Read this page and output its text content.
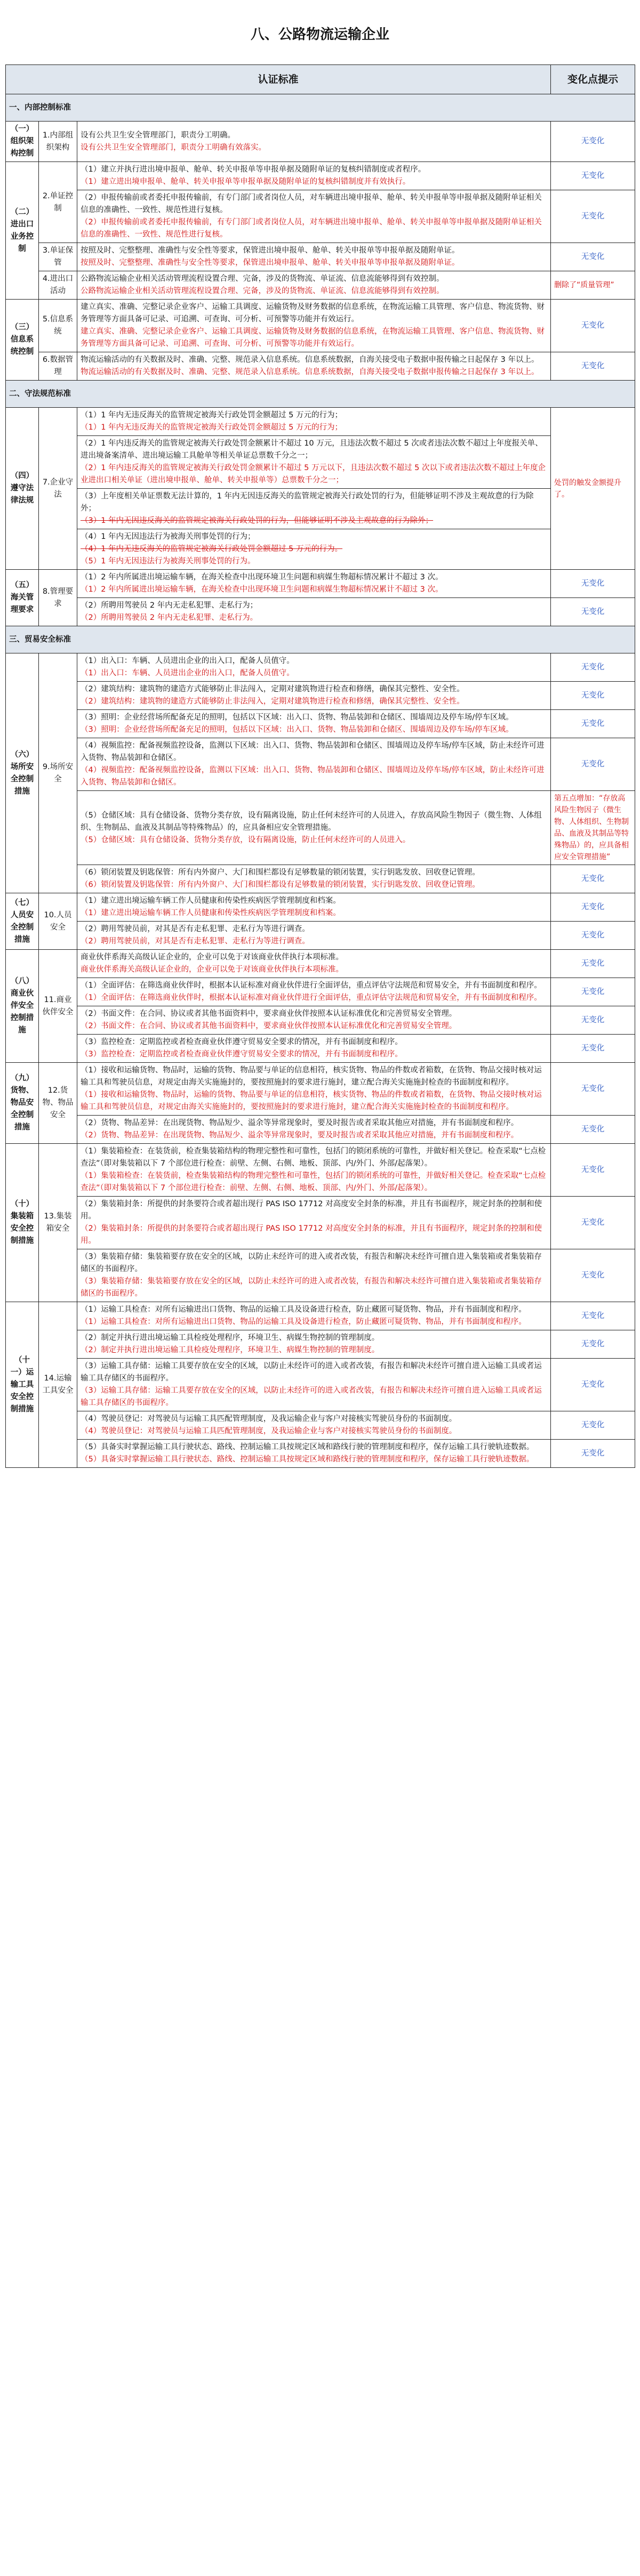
八、公路物流运输企业
认证标准			变化点提示
一、内部控制标准			
（一）组织架构控制	1.内部组织架构	设有公共卫生安全管理部门，职责分工明确。
设有公共卫生安全管理部门，职责分工明确有效落实。	无变化
（二）进出口业务控制	2.单证控制	（1）建立并执行进出境申报单、舱单、转关申报单等申报单据及随附单证的复核纠错制度或者程序。
（1）建立进出境申报单、舱单、转关申报单等申报单据及随附单证的复核纠错制度并有效执行。	无变化

		（2）申报传输前或者委托申报传输前，有专门部门或者岗位人员，对车辆进出境申报单、舱单、转关申报单等申报单据及随附单证相关信息的准确性、一致性、规范性进行复核。
（2）申报传输前或者委托申报传输前，有专门部门或者岗位人员，对车辆进出境申报单、舱单、转关申报单等申报单据及随附单证相关信息的准确性、一致性、规范性进行复核。	无变化
	3.单证保管	按照及时、完整整理、准确性与安全性等要求，保管进出境申报单、舱单、转关申报单等申报单据及随附单证。
按照及时、完整整理、准确性与安全性等要求，保管进出境申报单、舱单、转关申报单等申报单据及随附单证。	无变化
	4.进出口活动	公路物流运输企业相关活动管理流程设置合理、完备，涉及的货物流、单证流、信息流能够得到有效控制。
公路物流运输企业相关活动管理流程设置合理、完备，涉及的货物流、单证流、信息流能够得到有效控制。	删除了“质量管理”
（三）信息系统控制	5.信息系统	建立真实、准确、完整记录企业客户、运输工具调度、运输货物及财务数据的信息系统，在物流运输工具管理、客户信息、物流货物、财务管理等方面具备可记录、可追溯、可查询、可分析、可预警等功能并有效运行。
建立真实、准确、完整记录企业客户、运输工具调度、运输货物及财务数据的信息系统，在物流运输工具管理、客户信息、物流货物、财务管理等方面具备可记录、可追溯、可查询、可分析、可预警等功能并有效运行。	无变化
	6.数据管理	物流运输活动的有关数据及时、准确、完整、规范录入信息系统。信息系统数据，自海关接受电子数据申报传输之日起保存 3 年以上。
物流运输活动的有关数据及时、准确、完整、规范录入信息系统。信息系统数据，自海关接受电子数据申报传输之日起保存 3 年以上。	无变化
二、守法规范标准			
（四）遵守法律法规	7.企业守法	（1）1 年内无违反海关的监管规定被海关行政处罚金额超过 5 万元的行为；
（1）1 年内无违反海关的监管规定被海关行政处罚金额超过 5 万元的行为；	处罚的触发金额提升了。

		（2）1 年内违反海关的监管规定被海关行政处罚金额累计不超过 10 万元，且违法次数不超过 5 次或者违法次数不超过上年度报关单、进出境备案清单、进出境运输工具舱单等相关单证总票数千分之一；
（2）1 年内违反海关的监管规定被海关行政处罚金额累计不超过 5 万元以下，且违法次数不超过 5 次以下或者违法次数不超过上年度企业进出口相关单证（进出境申报单、舱单、转关申报单等）总票数千分之一；	

		（3）上年度相关单证票数无法计算的，1 年内无因违反海关的监管规定被海关行政处罚的行为，但能够证明不涉及主观故意的行为除外；
（3）1 年内无因违反海关的监管规定被海关行政处罚的行为，但能够证明不涉及主观故意的行为除外；	

		（4）1 年内无因违法行为被海关刑事处罚的行为；
（4）1 年内无违反海关的监管规定被海关行政处罚金额超过 5 万元的行为。
（5）1 年内无因违法行为被海关刑事处罚的行为。	

（五）海关管理要求	8.管理要求	（1）2 年内所属进出境运输车辆，在海关检查中出现环境卫生问题和病媒生物超标情况累计不超过 3 次。
（1）2 年内所属进出境运输车辆，在海关检查中出现环境卫生问题和病媒生物超标情况累计不超过 3 次。	无变化

		（2）所聘用驾驶员 2 年内无走私犯罪、走私行为；
（2）所聘用驾驶员 2 年内无走私犯罪、走私行为。	无变化
三、贸易安全标准			
（六）场所安全控制措施	9.场所安全	（1）出入口：车辆、人员进出企业的出入口，配备人员值守。
（1）出入口：车辆、人员进出企业的出入口，配备人员值守。	无变化

		（2）建筑结构：建筑物的建造方式能够防止非法闯入，定期对建筑物进行检查和修缮，确保其完整性、安全性。
（2）建筑结构：建筑物的建造方式能够防止非法闯入，定期对建筑物进行检查和修缮，确保其完整性、安全性。	无变化

		（3）照明：企业经营场所配备充足的照明，包括以下区域：出入口、货物、物品装卸和仓储区、围墙周边及停车场/停车区域。
（3）照明：企业经营场所配备充足的照明，包括以下区域：出入口、货物、物品装卸和仓储区、围墙周边及停车场/停车区域。	无变化

		（4）视频监控：配备视频监控设备，监测以下区域：出入口、货物、物品装卸和仓储区、围墙周边及停车场/停车区域，防止未经许可进入货物、物品装卸和仓储区。
（4）视频监控：配备视频监控设备，监测以下区域：出入口、货物、物品装卸和仓储区、围墙周边及停车场/停车区域，防止未经许可进入货物、物品装卸和仓储区。	无变化

		（5）仓储区域：具有仓储设备、货物分类存放，设有隔离设施，防止任何未经许可的人员进入，存放高风险生物因子（微生物、人体组织、生物制品、血液及其制品等特殊物品）的，应具备相应安全管理措施。
（5）仓储区域：具有仓储设备、货物分类存放，设有隔离设施，防止任何未经许可的人员进入。	第五点增加：“存放高风险生物因子（微生物、人体组织、生物制品、血液及其制品等特殊物品）的，应具备相应安全管理措施”

		（6）锁闭装置及钥匙保管：所有内外窗户、大门和围栏都设有足够数量的锁闭装置，实行钥匙发放、回收登记管理。
（6）锁闭装置及钥匙保管：所有内外窗户、大门和围栏都设有足够数量的锁闭装置，实行钥匙发放、回收登记管理。	无变化
（七）人员安全控制措施	10.人员安全	（1）建立进出境运输车辆工作人员健康和传染性疾病医学管理制度和档案。
（1）建立进出境运输车辆工作人员健康和传染性疾病医学管理制度和档案。	无变化

		（2）聘用驾驶员前，对其是否有走私犯罪、走私行为等进行调查。
（2）聘用驾驶员前，对其是否有走私犯罪、走私行为等进行调查。	无变化
（八）商业伙伴安全控制措施	11.商业伙伴安全	商业伙伴系海关高级认证企业的，企业可以免于对该商业伙伴执行本项标准。
商业伙伴系海关高级认证企业的，企业可以免于对该商业伙伴执行本项标准。	无变化

		（1）全面评估：在筛选商业伙伴时，根据本认证标准对商业伙伴进行全面评估，重点评估守法规范和贸易安全，并有书面制度和程序。
（1）全面评估：在筛选商业伙伴时，根据本认证标准对商业伙伴进行全面评估，重点评估守法规范和贸易安全，并有书面制度和程序。	无变化

		（2）书面文件：在合同、协议或者其他书面资料中，要求商业伙伴按照本认证标准优化和完善贸易安全管理。
（2）书面文件：在合同、协议或者其他书面资料中，要求商业伙伴按照本认证标准优化和完善贸易安全管理。	无变化

		（3）监控检查：定期监控或者检查商业伙伴遵守贸易安全要求的情况，并有书面制度和程序。
（3）监控检查：定期监控或者检查商业伙伴遵守贸易安全要求的情况，并有书面制度和程序。	无变化
（九）货物、物品安全控制措施	12.货物、物品安全	（1）接收和运输货物、物品时，运输的货物、物品要与单证的信息相符，核实货物、物品的件数或者箱数，在货物、物品交接时核对运输工具和驾驶员信息，对规定由海关实施施封的，要按照施封的要求进行施封，建立配合海关实施施封检查的书面制度和程序。
（1）接收和运输货物、物品时，运输的货物、物品要与单证的信息相符，核实货物、物品的件数或者箱数，在货物、物品交接时核对运输工具和驾驶员信息，对规定由海关实施施封的，要按照施封的要求进行施封，建立配合海关实施施封检查的书面制度和程序。	无变化

		（2）货物、物品差异：在出现货物、物品短少、溢余等异常现象时，要及时报告或者采取其他应对措施，并有书面制度和程序。
（2）货物、物品差异：在出现货物、物品短少、溢余等异常现象时，要及时报告或者采取其他应对措施，并有书面制度和程序。	无变化
（十）集装箱安全控制措施	13.集装箱安全	（1）集装箱检查：在装货前，检查集装箱结构的物理完整性和可靠性，包括门的锁闭系统的可靠性，并做好相关登记。检查采取“七点检查法”（即对集装箱以下 7 个部位进行检查：前壁、左侧、右侧、地板、顶部、内/外门、外部/起落架）。
（1）集装箱检查：在装货前，检查集装箱结构的物理完整性和可靠性，包括门的锁闭系统的可靠性，并做好相关登记。检查采取“七点检查法”（即对集装箱以下 7 个部位进行检查：前壁、左侧、右侧、地板、顶部、内/外门、外部/起落架）。	无变化

		（2）集装箱封条：所提供的封条要符合或者超出现行 PAS ISO 17712 对高度安全封条的标准，并且有书面程序，规定封条的控制和使用。
（2）集装箱封条：所提供的封条要符合或者超出现行 PAS ISO 17712 对高度安全封条的标准，并且有书面程序，规定封条的控制和使用。	无变化

		（3）集装箱存储：集装箱要存放在安全的区域，以防止未经许可的进入或者改装，有报告和解决未经许可擅自进入集装箱或者集装箱存储区的书面程序。
（3）集装箱存储：集装箱要存放在安全的区域，以防止未经许可的进入或者改装，有报告和解决未经许可擅自进入集装箱或者集装箱存储区的书面程序。	无变化
（十一）运输工具安全控制措施	14.运输工具安全	（1）运输工具检查：对所有运输进出口货物、物品的运输工具及设备进行检查，防止藏匿可疑货物、物品，并有书面制度和程序。
（1）运输工具检查：对所有运输进出口货物、物品的运输工具及设备进行检查，防止藏匿可疑货物、物品，并有书面制度和程序。	无变化

		（2）制定并执行进出境运输工具检疫处理程序，环境卫生、病媒生物控制的管理制度。
（2）制定并执行进出境运输工具检疫处理程序，环境卫生、病媒生物控制的管理制度。	无变化

		（3）运输工具存储：运输工具要存放在安全的区域，以防止未经许可的进入或者改装，有报告和解决未经许可擅自进入运输工具或者运输工具存储区的书面程序。
（3）运输工具存储：运输工具要存放在安全的区域，以防止未经许可的进入或者改装，有报告和解决未经许可擅自进入运输工具或者运输工具存储区的书面程序。	无变化

		（4）驾驶员登记：对驾驶员与运输工具匹配管理制度，及我运输企业与客户对接核实驾驶员身份的书面制度。
（4）驾驶员登记：对驾驶员与运输工具匹配管理制度，及我运输企业与客户对接核实驾驶员身份的书面制度。	无变化

		（5）具备实时掌握运输工具行驶状态、路线、控制运输工具按规定区域和路线行驶的管理制度和程序，保存运输工具行驶轨迹数据。
（5）具备实时掌握运输工具行驶状态、路线、控制运输工具按规定区域和路线行驶的管理制度和程序，保存运输工具行驶轨迹数据。	无变化
